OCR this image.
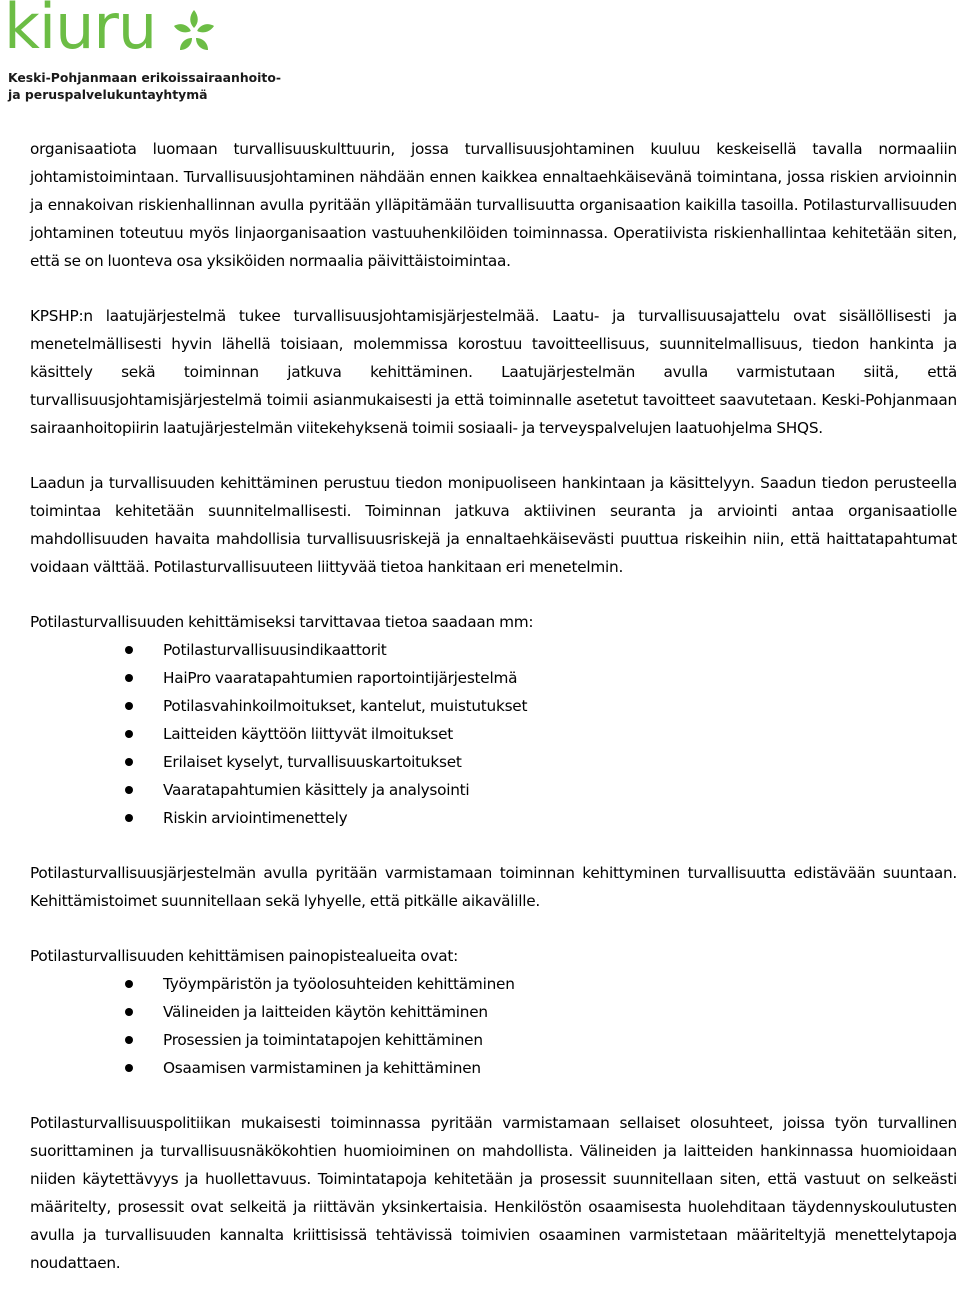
kiuru
Keski-Pohjanmaan erikoissairaanhoito-
ja peruspalvelukuntayhtymä

organisaatiota luomaan turvallisuuskulttuurin, jossa turvallisuusjohtaminen kuuluu keskeisellä tavalla normaaliin johtamistoimintaan. Turvallisuusjohtaminen nähdään ennen kaikkea ennaltaehkäisevänä toimintana, jossa riskien arvioinnin ja ennakoivan riskienhallinnan avulla pyritään ylläpitämään turvallisuutta organisaation kaikilla tasoilla. Potilasturvallisuuden johtaminen toteutuu myös linjaorganisaation vastuuhenkilöiden toiminnassa. Operatiivista riskienhallintaa kehitetään siten, että se on luonteva osa yksiköiden normaalia päivittäistoimintaa.

KPSHP:n laatujärjestelmä tukee turvallisuusjohtamisjärjestelmää. Laatu- ja turvallisuusajattelu ovat sisällöllisesti ja menetelmällisesti hyvin lähellä toisiaan, molemmissa korostuu tavoitteellisuus, suunnitelmallisuus, tiedon hankinta ja käsittely sekä toiminnan jatkuva kehittäminen. Laatujärjestelmän avulla varmistutaan siitä, että turvallisuusjohtamisjärjestelmä toimii asianmukaisesti ja että toiminnalle asetetut tavoitteet saavutetaan. Keski-Pohjanmaan sairaanhoitopiirin laatujärjestelmän viitekehyksenä toimii sosiaali- ja terveyspalvelujen laatuohjelma SHQS.

Laadun ja turvallisuuden kehittäminen perustuu tiedon monipuoliseen hankintaan ja käsittelyyn. Saadun tiedon perusteella toimintaa kehitetään suunnitelmallisesti. Toiminnan jatkuva aktiivinen seuranta ja arviointi antaa organisaatiolle mahdollisuuden havaita mahdollisia turvallisuusriskejä ja ennaltaehkäisevästi puuttua riskeihin niin, että haittatapahtumat voidaan välttää. Potilasturvallisuuteen liittyvää tietoa hankitaan eri menetelmin.

Potilasturvallisuuden kehittämiseksi tarvittavaa tietoa saadaan mm:

Potilasturvallisuusindikaattorit
HaiPro vaaratapahtumien raportointijärjestelmä
Potilasvahinkoilmoitukset, kantelut, muistutukset
Laitteiden käyttöön liittyvät ilmoitukset
Erilaiset kyselyt, turvallisuuskartoitukset
Vaaratapahtumien käsittely ja analysointi
Riskin arviointimenettely

Potilasturvallisuusjärjestelmän avulla pyritään varmistamaan toiminnan kehittyminen turvallisuutta edistävään suuntaan. Kehittämistoimet suunnitellaan sekä lyhyelle, että pitkälle aikavälille.

Potilasturvallisuuden kehittämisen painopistealueita ovat:

Työympäristön ja työolosuhteiden kehittäminen
Välineiden ja laitteiden käytön kehittäminen
Prosessien ja toimintatapojen kehittäminen
Osaamisen varmistaminen ja kehittäminen

Potilasturvallisuuspolitiikan mukaisesti toiminnassa pyritään varmistamaan sellaiset olosuhteet, joissa työn turvallinen suorittaminen ja turvallisuusnäkökohtien huomioiminen on mahdollista. Välineiden ja laitteiden hankinnassa huomioidaan niiden käytettävyys ja huollettavuus. Toimintatapoja kehitetään ja prosessit suunnitellaan siten, että vastuut on selkeästi määritelty, prosessit ovat selkeitä ja riittävän yksinkertaisia. Henkilöstön osaamisesta huolehditaan täydennyskoulutusten avulla ja turvallisuuden kannalta kriittisissä tehtävissä toimivien osaaminen varmistetaan määriteltyjä menettelytapoja noudattaen.
